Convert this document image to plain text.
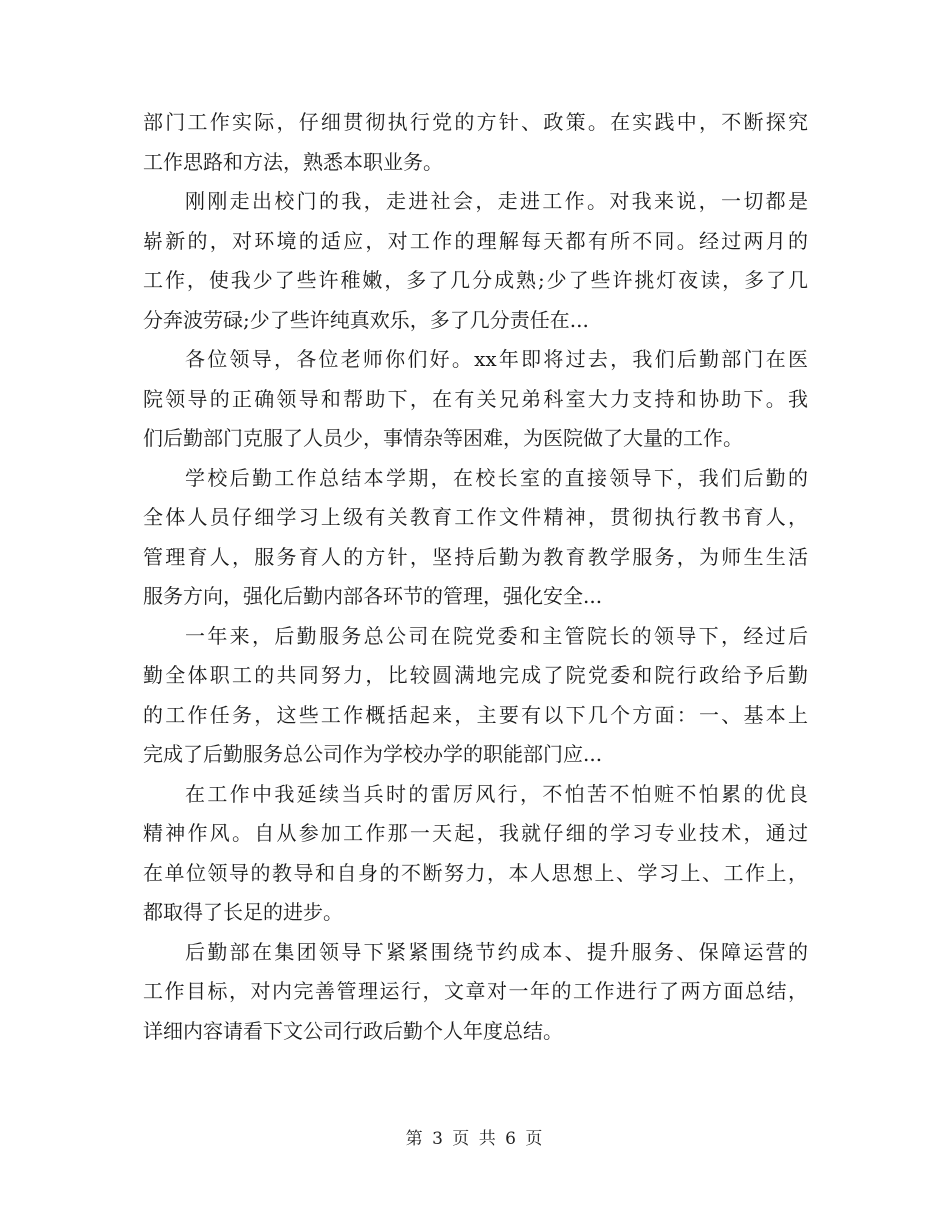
部门工作实际，仔细贯彻执行党的方针、政策。在实践中，不断探究
工作思路和方法，熟悉本职业务。
刚刚走出校门的我，走进社会，走进工作。对我来说，一切都是
崭新的，对环境的适应，对工作的理解每天都有所不同。经过两月的
工作，使我少了些许稚嫩，多了几分成熟;少了些许挑灯夜读，多了几
分奔波劳碌;少了些许纯真欢乐，多了几分责任在...
各位领导，各位老师你们好。xx年即将过去，我们后勤部门在医
院领导的正确领导和帮助下，在有关兄弟科室大力支持和协助下。我
们后勤部门克服了人员少，事情杂等困难，为医院做了大量的工作。
学校后勤工作总结本学期，在校长室的直接领导下，我们后勤的
全体人员仔细学习上级有关教育工作文件精神，贯彻执行教书育人，
管理育人，服务育人的方针，坚持后勤为教育教学服务，为师生生活
服务方向，强化后勤内部各环节的管理，强化安全...
一年来，后勤服务总公司在院党委和主管院长的领导下，经过后
勤全体职工的共同努力，比较圆满地完成了院党委和院行政给予后勤
的工作任务，这些工作概括起来，主要有以下几个方面：一、基本上
完成了后勤服务总公司作为学校办学的职能部门应...
在工作中我延续当兵时的雷厉风行，不怕苦不怕赃不怕累的优良
精神作风。自从参加工作那一天起，我就仔细的学习专业技术，通过
在单位领导的教导和自身的不断努力，本人思想上、学习上、工作上，
都取得了长足的进步。
后勤部在集团领导下紧紧围绕节约成本、提升服务、保障运营的
工作目标，对内完善管理运行，文章对一年的工作进行了两方面总结，
详细内容请看下文公司行政后勤个人年度总结。
第 3 页 共 6 页
